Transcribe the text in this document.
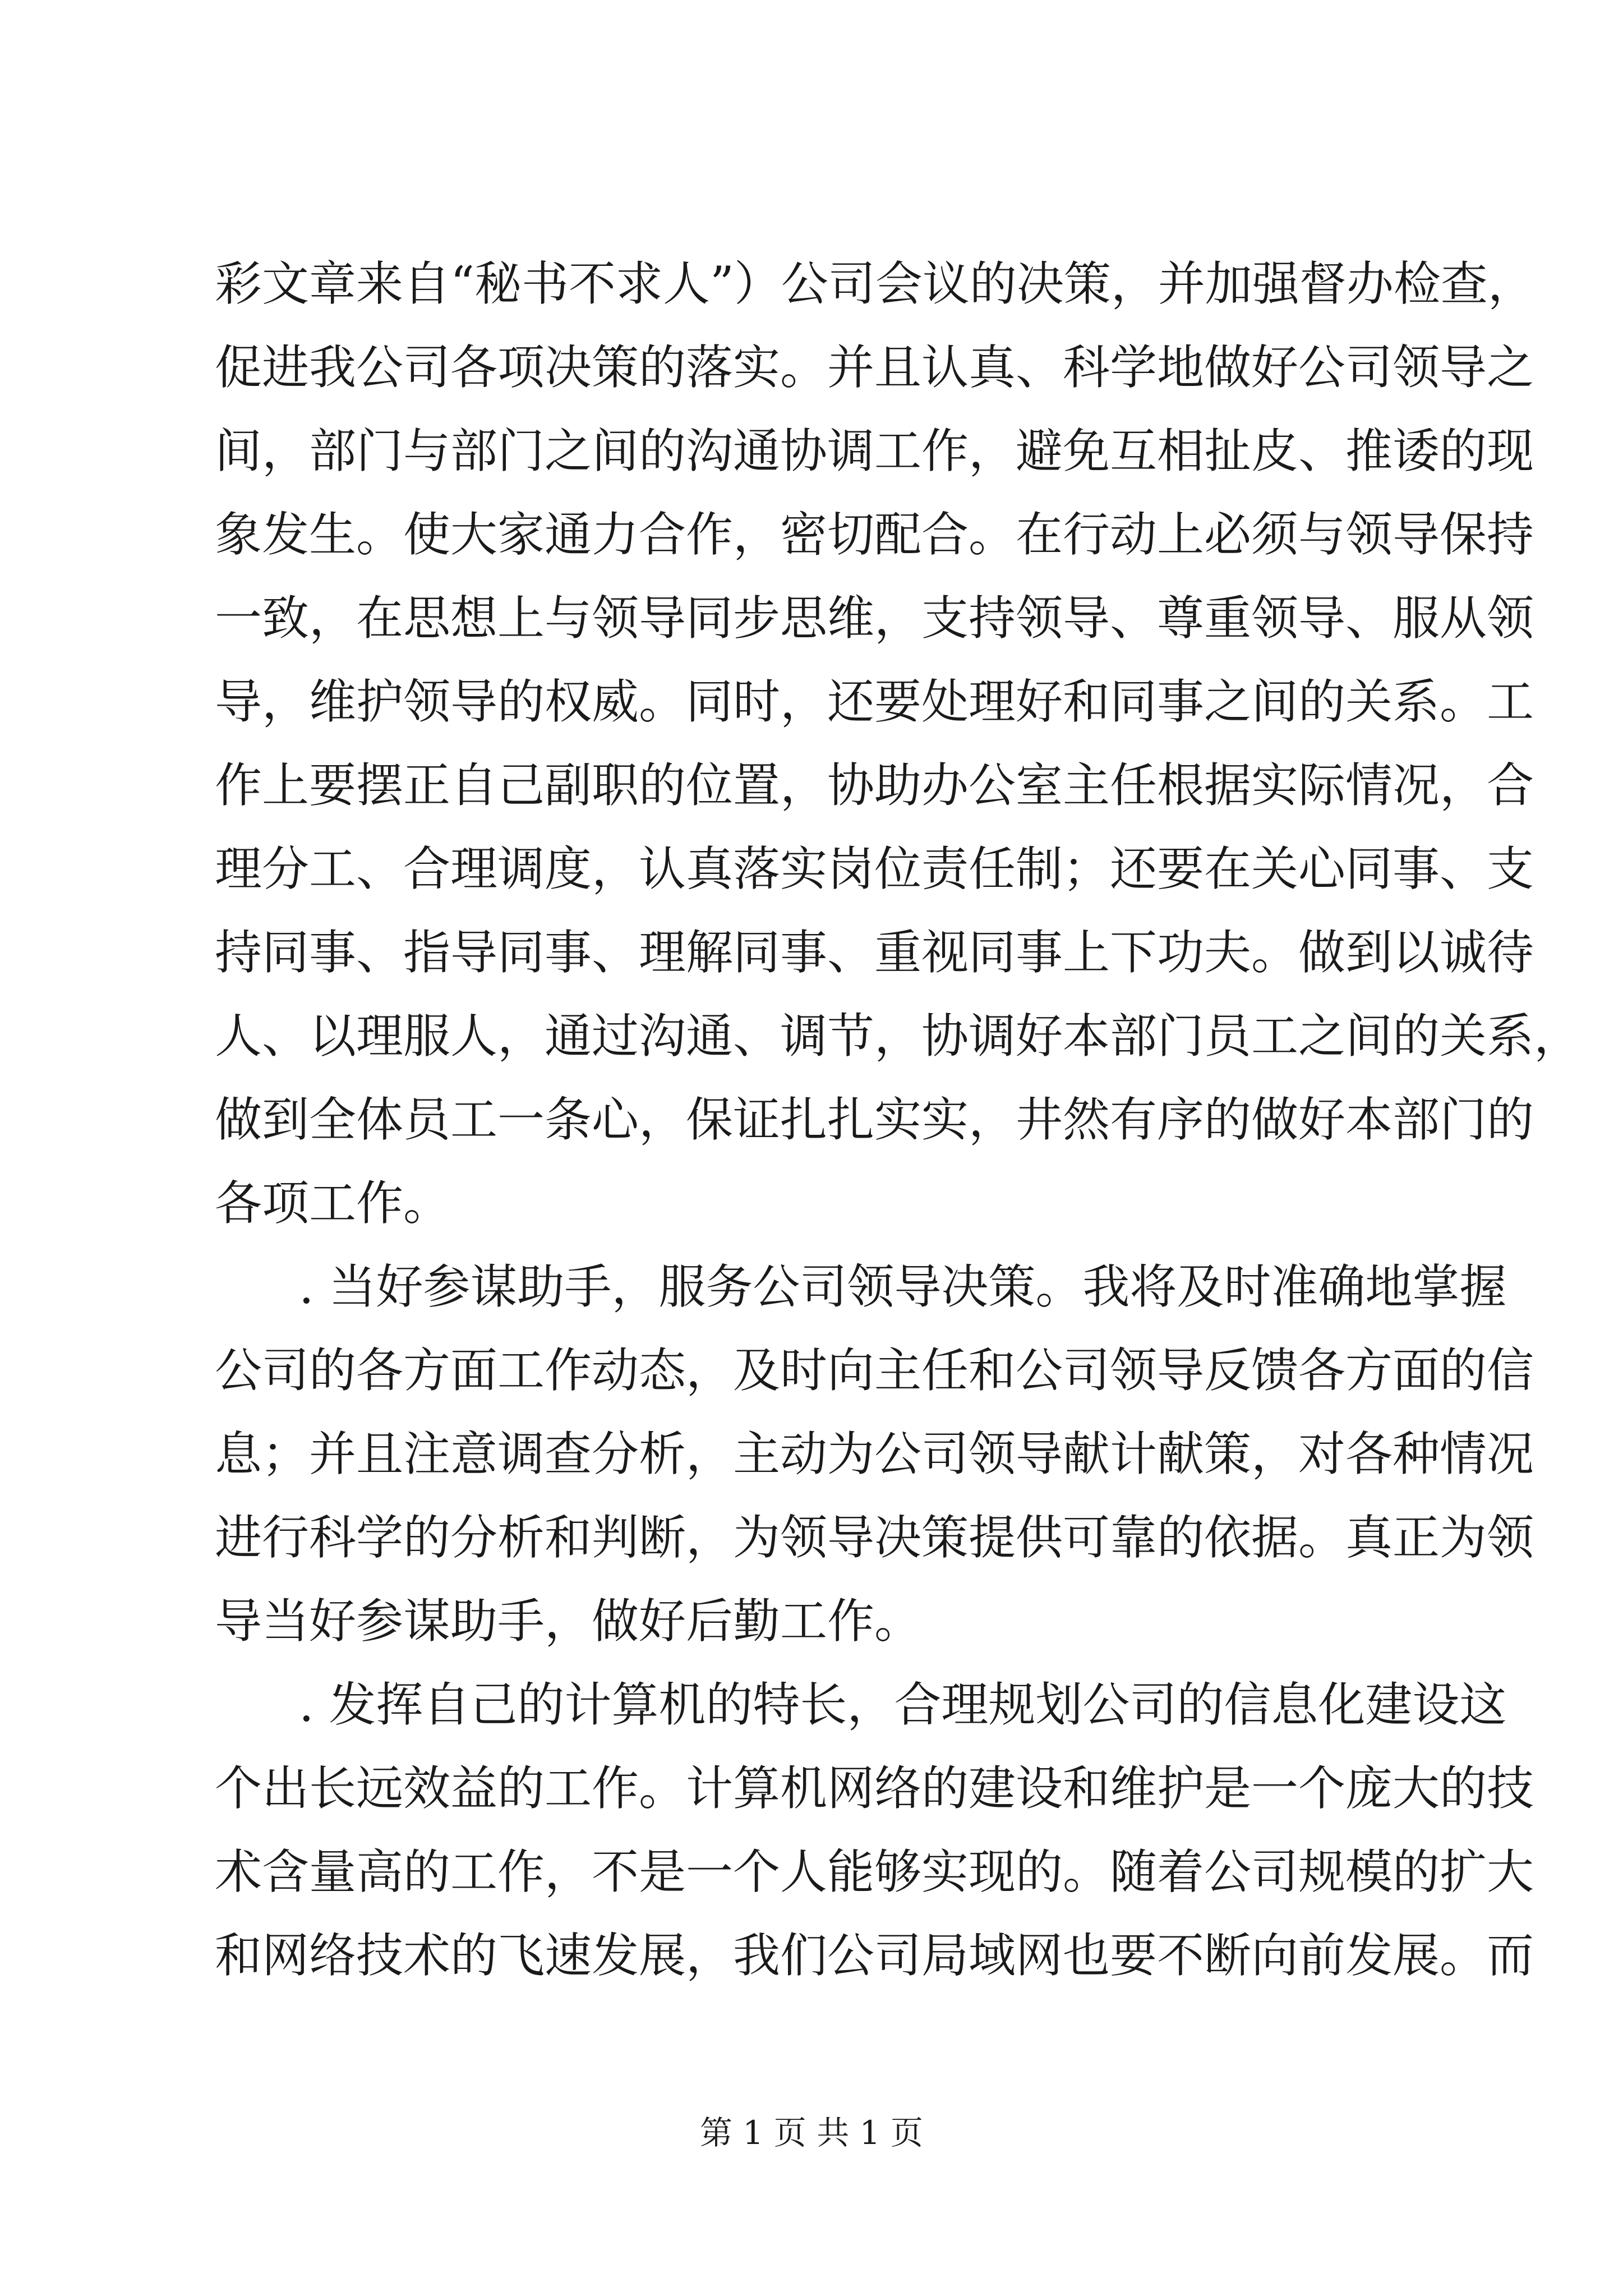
彩文章来自“秘书不求人”）公司会议的决策，并加强督办检查，
促进我公司各项决策的落实。并且认真、科学地做好公司领导之
间，部门与部门之间的沟通协调工作，避免互相扯皮、推诿的现
象发生。使大家通力合作，密切配合。在行动上必须与领导保持
一致，在思想上与领导同步思维，支持领导、尊重领导、服从领
导，维护领导的权威。同时，还要处理好和同事之间的关系。工
作上要摆正自己副职的位置，协助办公室主任根据实际情况，合
理分工、合理调度，认真落实岗位责任制；还要在关心同事、支
持同事、指导同事、理解同事、重视同事上下功夫。做到以诚待
人、以理服人，通过沟通、调节，协调好本部门员工之间的关系，
做到全体员工一条心，保证扎扎实实，井然有序的做好本部门的
各项工作。
. 当好参谋助手，服务公司领导决策。我将及时准确地掌握
公司的各方面工作动态，及时向主任和公司领导反馈各方面的信
息；并且注意调查分析，主动为公司领导献计献策，对各种情况
进行科学的分析和判断，为领导决策提供可靠的依据。真正为领
导当好参谋助手，做好后勤工作。
. 发挥自己的计算机的特长，合理规划公司的信息化建设这
个出长远效益的工作。计算机网络的建设和维护是一个庞大的技
术含量高的工作，不是一个人能够实现的。随着公司规模的扩大
和网络技术的飞速发展，我们公司局域网也要不断向前发展。而
第 1 页 共 1 页
